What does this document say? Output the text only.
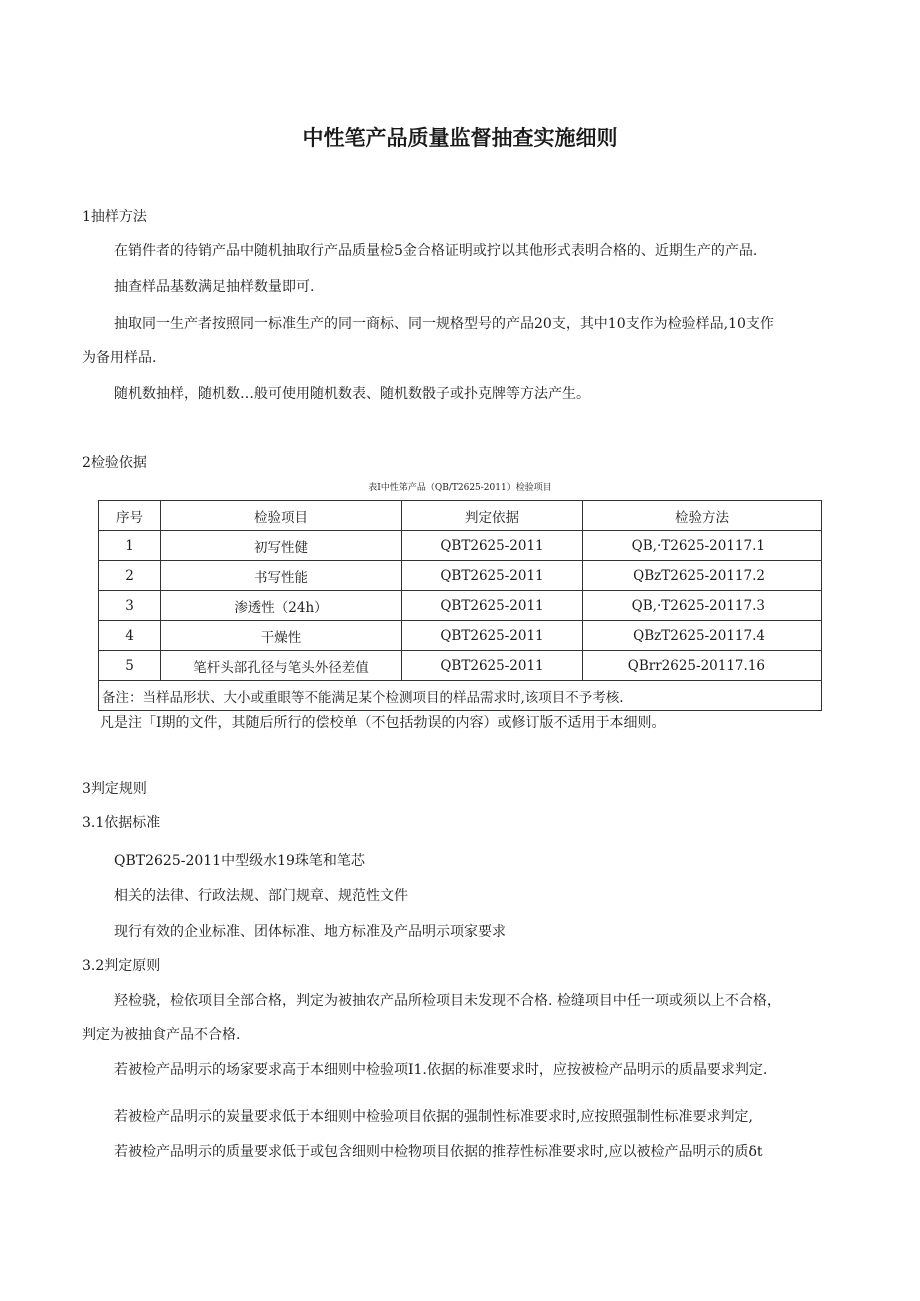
中性笔产品质量监督抽查实施细则

1抽样方法

在销件者的待销产品中随机抽取行产品质量检5金合格证明或拧以其他形式表明合格的、近期生产的产品.

抽查样品基数满足抽样数量即可.

抽取同一生产者按照同一标准生产的同一商标、同一规格型号的产品20支，其中10支作为检验样品,10支作

为备用样品.

随机数抽样，随机数…般可使用随机数表、随机数骰子或扑克牌等方法产生。

2检验依据

表I中性笫产品（QB/T2625-2011）检验项目

序号	检验项目	判定依据	检验方法
1	初写性健	QBT2625-2011	QB,·T2625-20117.1
2	书写性能	QBT2625-2011	QBzT2625-20117.2
3	渗透性（24h）	QBT2625-2011	QB,·T2625-20117.3
4	干燥性	QBT2625-2011	QBzT2625-20117.4
5	笔杆头部孔径与笔头外径差值	QBT2625-2011	QBrr2625-20117.16
备注：当样品形状、大小或重眼等不能满足某个检测项目的样品需求时,该项目不予考核.			

凡是注「I期的文件，其随后所行的偿校单（不包括勃误的内容）或修订版不适用于本细则。

3判定规则

3.1依据标准

QBT2625-2011中型级水19珠笔和笔芯

相关的法律、行政法规、部门规章、规范性文件

现行有效的企业标准、团体标准、地方标准及产品明示项家要求

3.2判定原则

羟检骁，检依项目全部合格，判定为被抽农产品所检项目未发现不合格. 检缝项目中任一项或须以上不合格，

判定为被抽食产品不合格.

若被检产品明示的场家要求高于本细则中检验项I1.依据的标准要求时，应按被检产品明示的质晶要求判定.

若被检产品明示的炭量要求低于本细则中检验项目依据的强制性标准要求时,应按照强制性标准要求判定,

若被检产品明示的质量要求低于或包含细则中检物项目依据的推荐性标准要求时,应以被检产品明示的质δt
